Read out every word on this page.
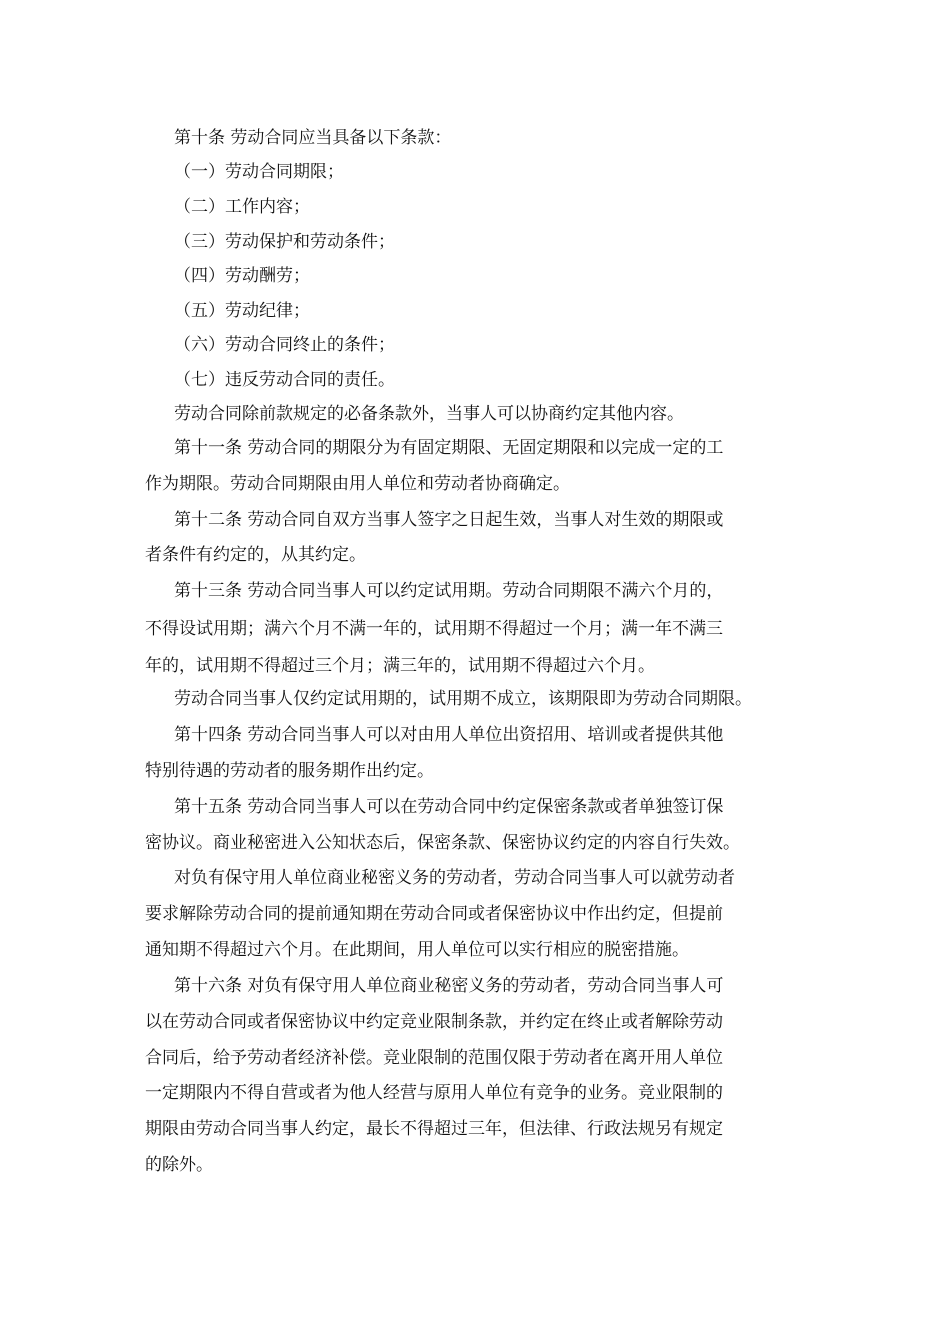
第十条 劳动合同应当具备以下条款：
（一）劳动合同期限；
（二）工作内容；
（三）劳动保护和劳动条件；
（四）劳动酬劳；
（五）劳动纪律；
（六）劳动合同终止的条件；
（七）违反劳动合同的责任。
劳动合同除前款规定的必备条款外，当事人可以协商约定其他内容。
第十一条 劳动合同的期限分为有固定期限、无固定期限和以完成一定的工
作为期限。劳动合同期限由用人单位和劳动者协商确定。
第十二条 劳动合同自双方当事人签字之日起生效，当事人对生效的期限或
者条件有约定的，从其约定。
第十三条 劳动合同当事人可以约定试用期。劳动合同期限不满六个月的，
不得设试用期；满六个月不满一年的，试用期不得超过一个月；满一年不满三
年的，试用期不得超过三个月；满三年的，试用期不得超过六个月。
劳动合同当事人仅约定试用期的，试用期不成立，该期限即为劳动合同期限。
第十四条 劳动合同当事人可以对由用人单位出资招用、培训或者提供其他
特别待遇的劳动者的服务期作出约定。
第十五条 劳动合同当事人可以在劳动合同中约定保密条款或者单独签订保
密协议。商业秘密进入公知状态后，保密条款、保密协议约定的内容自行失效。
对负有保守用人单位商业秘密义务的劳动者，劳动合同当事人可以就劳动者
要求解除劳动合同的提前通知期在劳动合同或者保密协议中作出约定，但提前
通知期不得超过六个月。在此期间，用人单位可以实行相应的脱密措施。
第十六条 对负有保守用人单位商业秘密义务的劳动者，劳动合同当事人可
以在劳动合同或者保密协议中约定竞业限制条款，并约定在终止或者解除劳动
合同后，给予劳动者经济补偿。竞业限制的范围仅限于劳动者在离开用人单位
一定期限内不得自营或者为他人经营与原用人单位有竞争的业务。竞业限制的
期限由劳动合同当事人约定，最长不得超过三年，但法律、行政法规另有规定
的除外。
